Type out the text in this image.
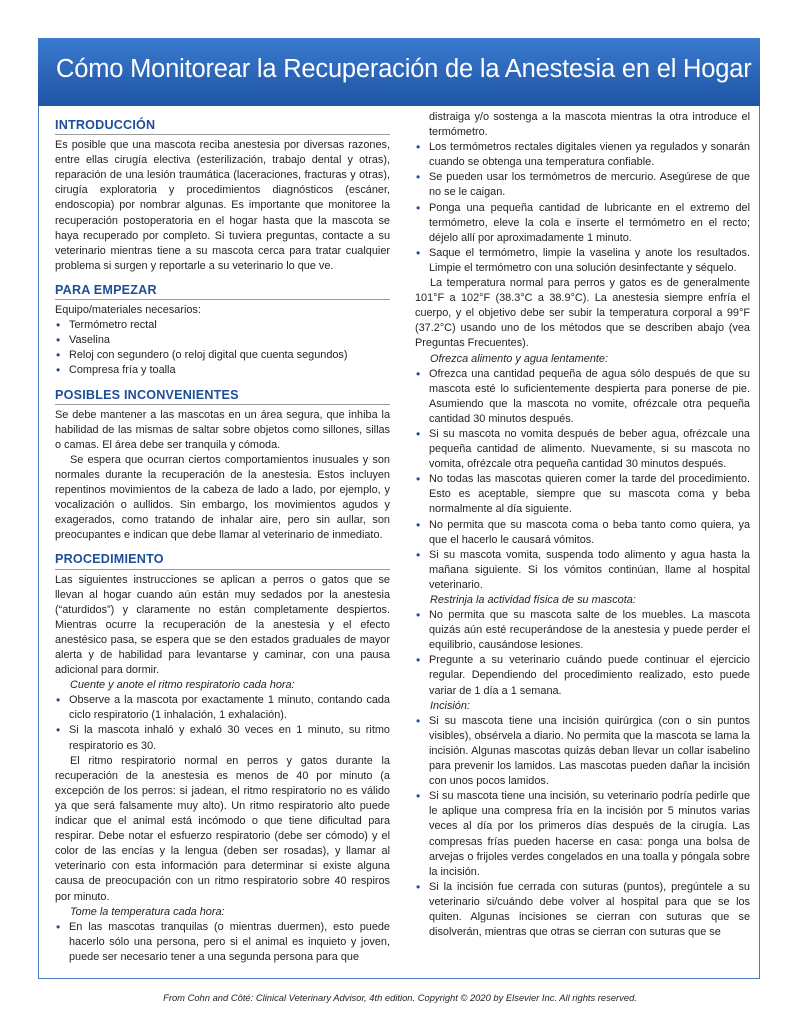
Cómo Monitorear la Recuperación de la Anestesia en el Hogar
INTRODUCCIÓN

Es posible que una mascota reciba anestesia por diversas razones, entre ellas cirugía electiva (esterilización, trabajo dental y otras), reparación de una lesión traumática (laceraciones, fracturas y otras), cirugía exploratoria y procedimientos diagnósticos (escáner, endoscopia) por nombrar algunas. Es importante que monitoree la recuperación postoperatoria en el hogar hasta que la mascota se haya recuperado por completo. Si tuviera preguntas, contacte a su veterinario mientras tiene a su mascota cerca para tratar cualquier problema si surgen y reportarle a su veterinario lo que ve.

PARA EMPEZAR

Equipo/materiales necesarios:

• Termómetro rectal
• Vaselina
• Reloj con segundero (o reloj digital que cuenta segundos)
• Compresa fría y toalla
POSIBLES INCONVENIENTES

Se debe mantener a las mascotas en un área segura, que inhiba la habilidad de las mismas de saltar sobre objetos como sillones, sillas o camas. El área debe ser tranquila y cómoda.

Se espera que ocurran ciertos comportamientos inusuales y son normales durante la recuperación de la anestesia. Estos incluyen repentinos movimientos de la cabeza de lado a lado, por ejemplo, y vocalización o aullidos. Sin embargo, los movimientos agudos y exagerados, como tratando de inhalar aire, pero sin aullar, son preocupantes e indican que debe llamar al veterinario de inmediato.

PROCEDIMIENTO

Las siguientes instrucciones se aplican a perros o gatos que se llevan al hogar cuando aún están muy sedados por la anestesia (“aturdidos”) y claramente no están completamente despiertos. Mientras ocurre la recuperación de la anestesia y el efecto anestésico pasa, se espera que se den estados graduales de mayor alerta y de habilidad para levantarse y caminar, con una pausa adicional para dormir.

Cuente y anote el ritmo respiratorio cada hora:

• Observe a la mascota por exactamente 1 minuto, contando cada ciclo respiratorio (1 inhalación, 1 exhalación).
• Si la mascota inhaló y exhaló 30 veces en 1 minuto, su ritmo respiratorio es 30.

El ritmo respiratorio normal en perros y gatos durante la recuperación de la anestesia es menos de 40 por minuto (a excepción de los perros: si jadean, el ritmo respiratorio no es válido ya que será falsamente muy alto). Un ritmo respiratorio alto puede indicar que el animal está incómodo o que tiene dificultad para respirar. Debe notar el esfuerzo respiratorio (debe ser cómodo) y el color de las encías y la lengua (deben ser rosadas), y llamar al veterinario con esta información para determinar si existe alguna causa de preocupación con un ritmo respiratorio sobre 40 respiros por minuto.

Tome la temperatura cada hora:

• En las mascotas tranquilas (o mientras duermen), esto puede hacerlo sólo una persona, pero si el animal es inquieto y joven, puede ser necesario tener a una segunda persona para que

distraiga y/o sostenga a la mascota mientras la otra introduce el termómetro.

• Los termómetros rectales digitales vienen ya regulados y sonarán cuando se obtenga una temperatura confiable.
• Se pueden usar los termómetros de mercurio. Asegúrese de que no se le caigan.
• Ponga una pequeña cantidad de lubricante en el extremo del termómetro, eleve la cola e inserte el termómetro en el recto; déjelo allí por aproximadamente 1 minuto.
• Saque el termómetro, limpie la vaselina y anote los resultados. Limpie el termómetro con una solución desinfectante y séquelo.

La temperatura normal para perros y gatos es de generalmente 101°F a 102°F (38.3°C a 38.9°C). La anestesia siempre enfría el cuerpo, y el objetivo debe ser subir la temperatura corporal a 99°F (37.2°C) usando uno de los métodos que se describen abajo (vea Preguntas Frecuentes).

Ofrezca alimento y agua lentamente:

• Ofrezca una cantidad pequeña de agua sólo después de que su mascota esté lo suficientemente despierta para ponerse de pie. Asumiendo que la mascota no vomite, ofrézcale otra pequeña cantidad 30 minutos después.
• Si su mascota no vomita después de beber agua, ofrézcale una pequeña cantidad de alimento. Nuevamente, si su mascota no vomita, ofrézcale otra pequeña cantidad 30 minutos después.
• No todas las mascotas quieren comer la tarde del procedimiento. Esto es aceptable, siempre que su mascota coma y beba normalmente al día siguiente.
• No permita que su mascota coma o beba tanto como quiera, ya que el hacerlo le causará vómitos.
• Si su mascota vomita, suspenda todo alimento y agua hasta la mañana siguiente. Si los vómitos continúan, llame al hospital veterinario.

Restrinja la actividad física de su mascota:

• No permita que su mascota salte de los muebles. La mascota quizás aún esté recuperándose de la anestesia y puede perder el equilibrio, causándose lesiones.
• Pregunte a su veterinario cuándo puede continuar el ejercicio regular. Dependiendo del procedimiento realizado, esto puede variar de 1 día a 1 semana.

Incisión:

• Si su mascota tiene una incisión quirúrgica (con o sin puntos visibles), obsérvela a diario. No permita que la mascota se lama la incisión. Algunas mascotas quizás deban llevar un collar isabelino para prevenir los lamidos. Las mascotas pueden dañar la incisión con unos pocos lamidos.
• Si su mascota tiene una incisión, su veterinario podría pedirle que le aplique una compresa fría en la incisión por 5 minutos varias veces al día por los primeros días después de la cirugía. Las compresas frías pueden hacerse en casa: ponga una bolsa de arvejas o frijoles verdes congelados en una toalla y póngala sobre la incisión.
• Si la incisión fue cerrada con suturas (puntos), pregúntele a su veterinario si/cuándo debe volver al hospital para que se los quiten. Algunas incisiones se cierran con suturas que se disolverán, mientras que otras se cierran con suturas que se
From Cohn and Côté: Clinical Veterinary Advisor, 4th edition. Copyright © 2020 by Elsevier Inc. All rights reserved.
